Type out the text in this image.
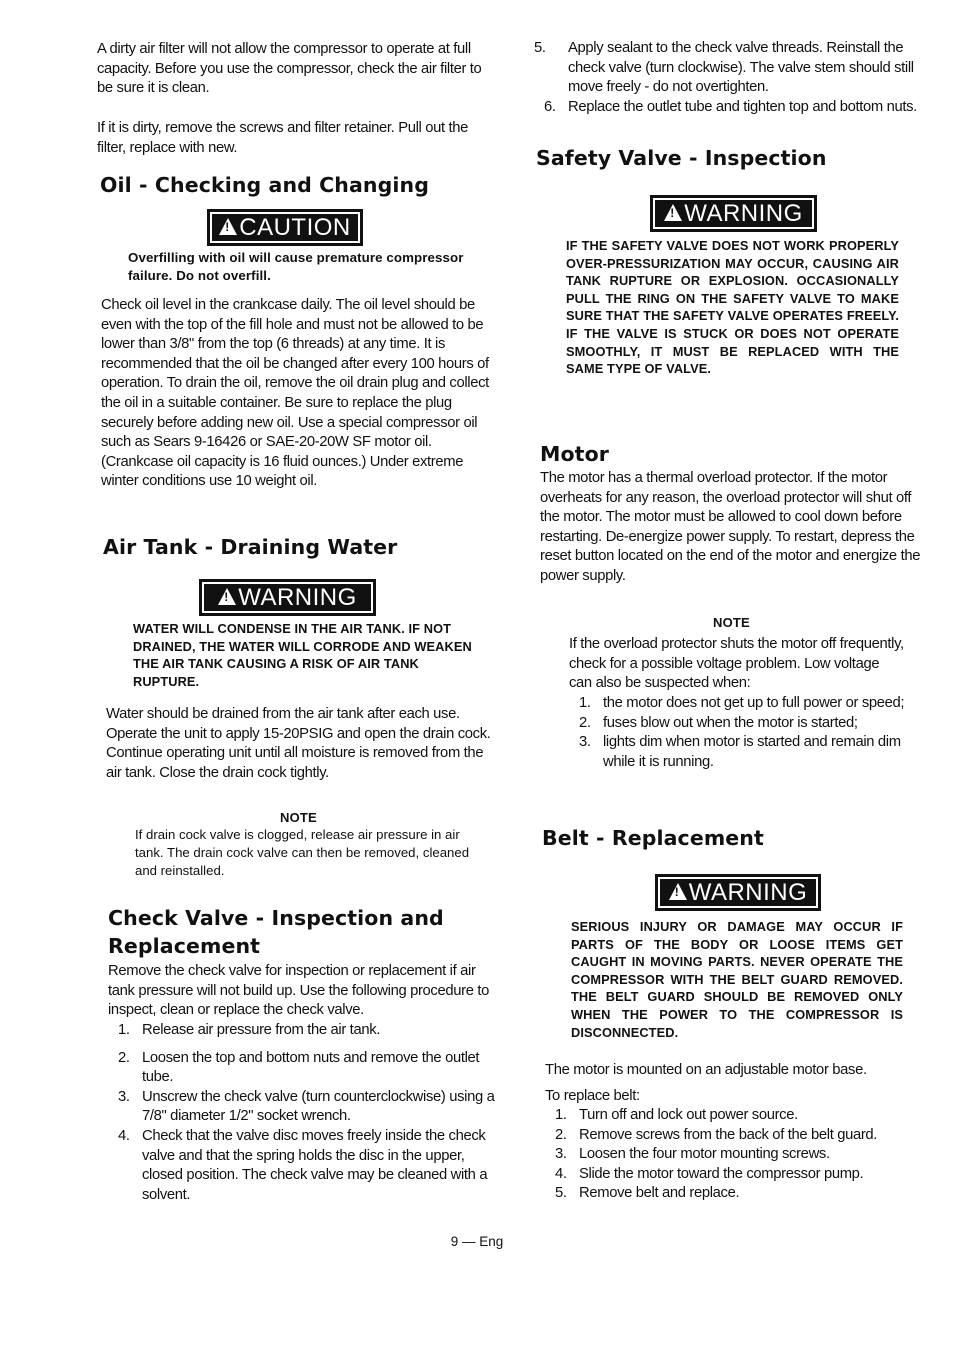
A dirty air filter will not allow the compressor to operate at full capacity. Before you use the compressor, check the air filter to be sure it is clean.

If it is dirty, remove the screws and filter retainer. Pull out the filter, replace with new.

Oil - Checking and Changing
!
CAUTION

Overfilling with oil will cause premature compressor failure. Do not overfill.

Check oil level in the crankcase daily. The oil level should be even with the top of the fill hole and must not be allowed to be lower than 3/8" from the top (6 threads) at any time. It is recommended that the oil be changed after every 100 hours of operation. To drain the oil, remove the oil drain plug and collect the oil in a suitable container. Be sure to replace the plug securely before adding new oil. Use a special compressor oil such as Sears 9-16426 or SAE-20-20W SF motor oil. (Crankcase oil capacity is 16 fluid ounces.) Under extreme winter conditions use 10 weight oil.

Air Tank - Draining Water
!
WARNING

WATER WILL CONDENSE IN THE AIR TANK. IF NOT DRAINED, THE WATER WILL CORRODE AND WEAKEN THE AIR TANK CAUSING A RISK OF AIR TANK RUPTURE.

Water should be drained from the air tank after each use. Operate the unit to apply 15-20PSIG and open the drain cock. Continue operating unit until all moisture is removed from the air tank. Close the drain cock tightly.

NOTE

If drain cock valve is clogged, release air pressure in air tank. The drain cock valve can then be removed, cleaned and reinstalled.

Check Valve - Inspection and
Replacement

Remove the check valve for inspection or replacement if air tank pressure will not build up. Use the following procedure to inspect, clean or replace the check valve.

1. Release air pressure from the air tank.
2. Loosen the top and bottom nuts and remove the outlet tube.
3. Unscrew the check valve (turn counterclockwise) using a 7/8" diameter 1/2" socket wrench.
4. Check that the valve disc moves freely inside the check valve and that the spring holds the disc in the upper, closed position. The check valve may be cleaned with a solvent.
5. Apply sealant to the check valve threads. Reinstall the check valve (turn clockwise). The valve stem should still move freely - do not overtighten.
6. Replace the outlet tube and tighten top and bottom nuts.
Safety Valve - Inspection
!
WARNING

IF THE SAFETY VALVE DOES NOT WORK PROPERLY OVER-PRESSURIZATION MAY OCCUR, CAUSING AIR TANK RUPTURE OR EXPLOSION. OCCASIONALLY PULL THE RING ON THE SAFETY VALVE TO MAKE SURE THAT THE SAFETY VALVE OPERATES FREELY. IF THE VALVE IS STUCK OR DOES NOT OPERATE SMOOTHLY, IT MUST BE REPLACED WITH THE SAME TYPE OF VALVE.

Motor

The motor has a thermal overload protector. If the motor overheats for any reason, the overload protector will shut off the motor. The motor must be allowed to cool down before restarting. De-energize power supply. To restart, depress the reset button located on the end of the motor and energize the power supply.

NOTE

If the overload protector shuts the motor off frequently, check for a possible voltage problem. Low voltage can also be suspected when:

1. the motor does not get up to full power or speed;
2. fuses blow out when the motor is started;
3. lights dim when motor is started and remain dim while it is running.
Belt - Replacement
!
WARNING

SERIOUS INJURY OR DAMAGE MAY OCCUR IF PARTS OF THE BODY OR LOOSE ITEMS GET CAUGHT IN MOVING PARTS. NEVER OPERATE THE COMPRESSOR WITH THE BELT GUARD REMOVED. THE BELT GUARD SHOULD BE REMOVED ONLY WHEN THE POWER TO THE COMPRESSOR IS DISCONNECTED.

The motor is mounted on an adjustable motor base.

To replace belt:

1. Turn off and lock out power source.
2. Remove screws from the back of the belt guard.
3. Loosen the four motor mounting screws.
4. Slide the motor toward the compressor pump.
5. Remove belt and replace.
9 — Eng
